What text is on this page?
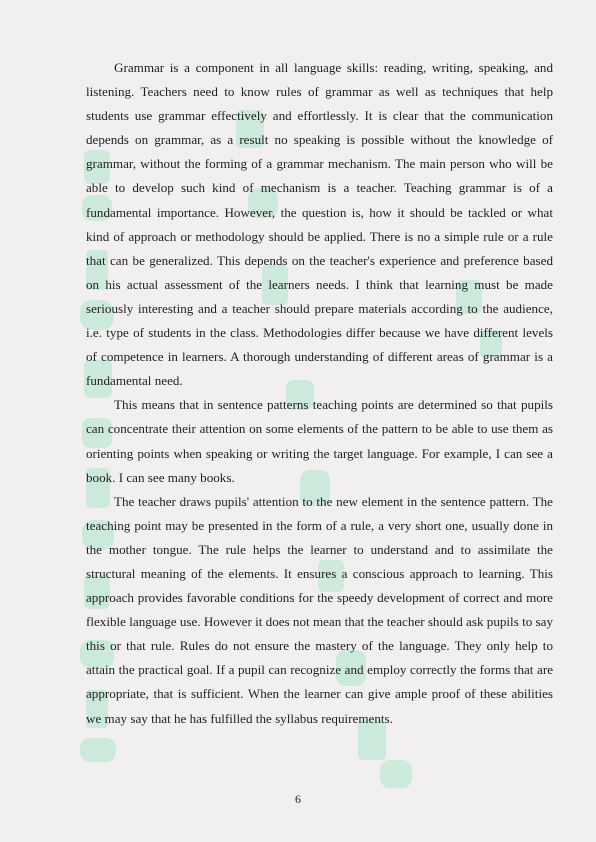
Grammar is a component in all language skills: reading, writing, speaking, and listening. Teachers need to know rules of grammar as well as techniques that help students use grammar effectively and effortlessly. It is clear that the communication depends on grammar, as a result no speaking is possible without the knowledge of grammar, without the forming of a grammar mechanism. The main person who will be able to develop such kind of mechanism is a teacher. Teaching grammar is of a fundamental importance. However, the question is, how it should be tackled or what kind of approach or methodology should be applied. There is no a simple rule or a rule that can be generalized. This depends on the teacher's experience and preference based on his actual assessment of the learners needs. I think that learning must be made seriously interesting and a teacher should prepare materials according to the audience, i.e. type of students in the class. Methodologies differ because we have different levels of competence in learners. A thorough understanding of different areas of grammar is a fundamental need.

This means that in sentence patterns teaching points are determined so that pupils can concentrate their attention on some elements of the pattern to be able to use them as orienting points when speaking or writing the target language. For example, I can see a book. I can see many books.

The teacher draws pupils' attention to the new element in the sentence pattern. The teaching point may be presented in the form of a rule, a very short one, usually done in the mother tongue. The rule helps the learner to understand and to assimilate the structural meaning of the elements. It ensures a conscious approach to learning. This approach provides favorable conditions for the speedy development of correct and more flexible language use. However it does not mean that the teacher should ask pupils to say this or that rule. Rules do not ensure the mastery of the language. They only help to attain the practical goal. If a pupil can recognize and employ correctly the forms that are appropriate, that is sufficient. When the learner can give ample proof of these abilities we may say that he has fulfilled the syllabus requirements.

6
